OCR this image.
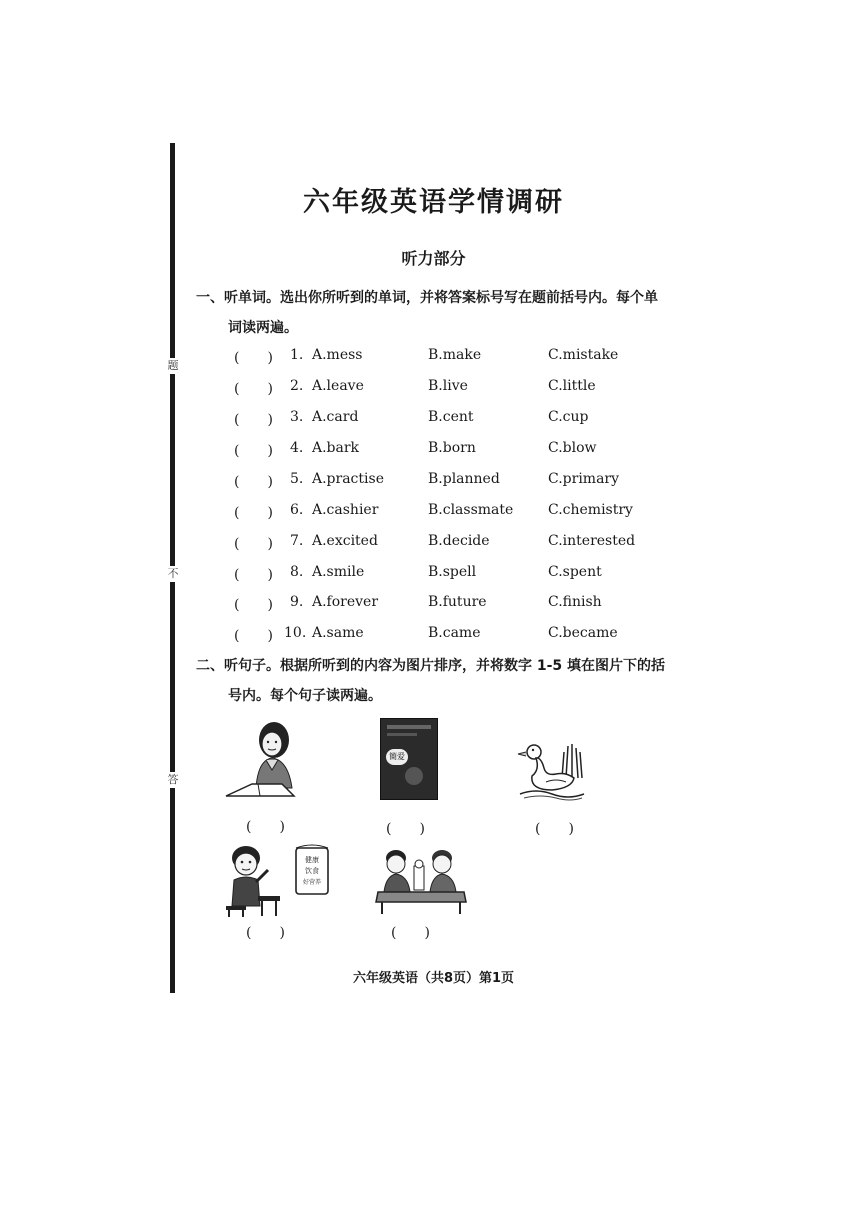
题
不
答
六年级英语学情调研
听力部分
一、听单词。选出你所听到的单词，并将答案标号写在题前括号内。每个单
词读两遍。
(　　) 1. A.mess	B.make	C.mistake
(　　) 2. A.leave	B.live	C.little
(　　) 3. A.card	B.cent	C.cup
(　　) 4. A.bark	B.born	C.blow
(　　) 5. A.practise	B.planned	C.primary
(　　) 6. A.cashier	B.classmate C.chemistry
(　　) 7. A.excited	B.decide	C.interested
(　　) 8. A.smile	B.spell	C.spent
(　　) 9. A.forever	B.future	C.finish
(　　) 10. A.same	B.came	C.became
二、听句子。根据所听到的内容为图片排序，并将数字 1-5 填在图片下的括
号内。每个句子读两遍。
(　　)
簡爱
(　　)	(　　)
健康
饮食
好营养
(　　)	(　　)
六年级英语（共8页）第1页
